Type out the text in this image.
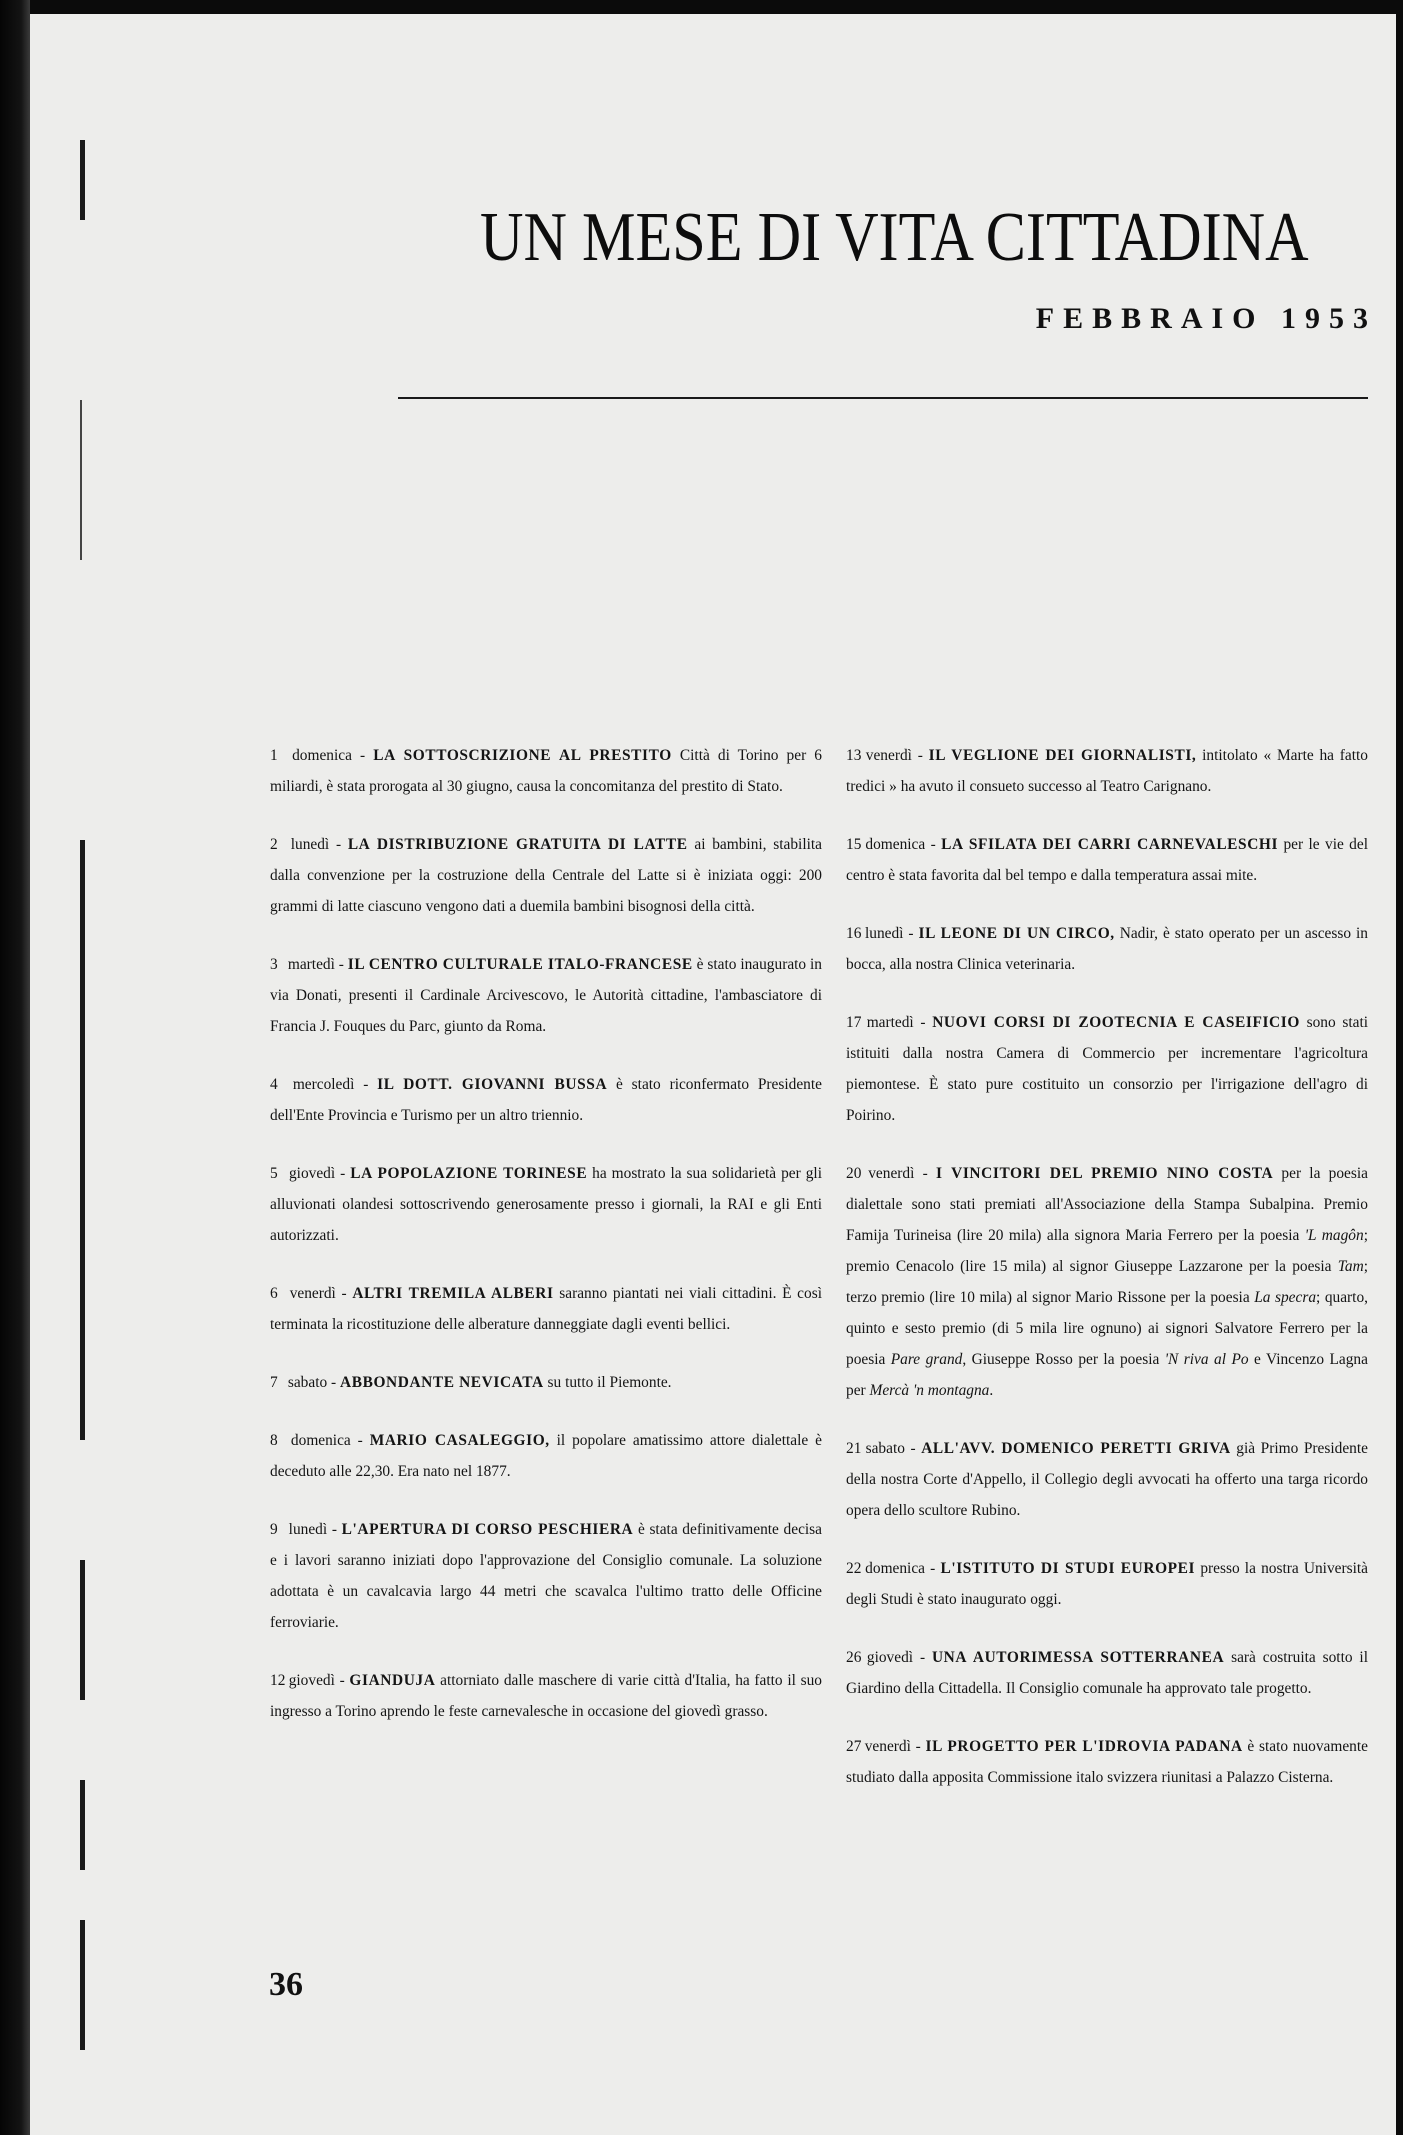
UN MESE DI VITA CITTADINA
FEBBRAIO 1953
1 domenica - LA SOTTOSCRIZIONE AL PRESTITO Città di Torino per 6 miliardi, è stata prorogata al 30 giugno, causa la concomitanza del prestito di Stato.
2 lunedì - LA DISTRIBUZIONE GRATUITA DI LATTE ai bambini, stabilita dalla convenzione per la costruzione della Centrale del Latte si è iniziata oggi: 200 grammi di latte ciascuno vengono dati a duemila bambini bisognosi della città.
3 martedì - IL CENTRO CULTURALE ITALO-FRANCESE è stato inaugurato in via Donati, presenti il Cardinale Arcivescovo, le Autorità cittadine, l'ambasciatore di Francia J. Fouques du Parc, giunto da Roma.
4 mercoledì - IL DOTT. GIOVANNI BUSSA è stato riconfermato Presidente dell'Ente Provincia e Turismo per un altro triennio.
5 giovedì - LA POPOLAZIONE TORINESE ha mostrato la sua solidarietà per gli alluvionati olandesi sottoscrivendo generosamente presso i giornali, la RAI e gli Enti autorizzati.
6 venerdì - ALTRI TREMILA ALBERI saranno piantati nei viali cittadini. È così terminata la ricostituzione delle alberature danneggiate dagli eventi bellici.
7 sabato - ABBONDANTE NEVICATA su tutto il Piemonte.
8 domenica - MARIO CASALEGGIO, il popolare amatissimo attore dialettale è deceduto alle 22,30. Era nato nel 1877.
9 lunedì - L'APERTURA DI CORSO PESCHIERA è stata definitivamente decisa e i lavori saranno iniziati dopo l'approvazione del Consiglio comunale. La soluzione adottata è un cavalcavia largo 44 metri che scavalca l'ultimo tratto delle Officine ferroviarie.
12 giovedì - GIANDUJA attorniato dalle maschere di varie città d'Italia, ha fatto il suo ingresso a Torino aprendo le feste carnevalesche in occasione del giovedì grasso.
13 venerdì - IL VEGLIONE DEI GIORNALISTI, intitolato « Marte ha fatto tredici » ha avuto il consueto successo al Teatro Carignano.
15 domenica - LA SFILATA DEI CARRI CARNEVALESCHI per le vie del centro è stata favorita dal bel tempo e dalla temperatura assai mite.
16 lunedì - IL LEONE DI UN CIRCO, Nadir, è stato operato per un ascesso in bocca, alla nostra Clinica veterinaria.
17 martedì - NUOVI CORSI DI ZOOTECNIA E CASEIFICIO sono stati istituiti dalla nostra Camera di Commercio per incrementare l'agricoltura piemontese. È stato pure costituito un consorzio per l'irrigazione dell'agro di Poirino.
20 venerdì - I VINCITORI DEL PREMIO NINO COSTA per la poesia dialettale sono stati premiati all'Associazione della Stampa Subalpina. Premio Famija Turineisa (lire 20 mila) alla signora Maria Ferrero per la poesia 'L magôn; premio Cenacolo (lire 15 mila) al signor Giuseppe Lazzarone per la poesia Tam; terzo premio (lire 10 mila) al signor Mario Rissone per la poesia La specra; quarto, quinto e sesto premio (di 5 mila lire ognuno) ai signori Salvatore Ferrero per la poesia Pare grand, Giuseppe Rosso per la poesia 'N riva al Po e Vincenzo Lagna per Mercà 'n montagna.
21 sabato - ALL'AVV. DOMENICO PERETTI GRIVA già Primo Presidente della nostra Corte d'Appello, il Collegio degli avvocati ha offerto una targa ricordo opera dello scultore Rubino.
22 domenica - L'ISTITUTO DI STUDI EUROPEI presso la nostra Università degli Studi è stato inaugurato oggi.
26 giovedì - UNA AUTORIMESSA SOTTERRANEA sarà costruita sotto il Giardino della Cittadella. Il Consiglio comunale ha approvato tale progetto.
27 venerdì - IL PROGETTO PER L'IDROVIA PADANA è stato nuovamente studiato dalla apposita Commissione italo svizzera riunitasi a Palazzo Cisterna.
36
